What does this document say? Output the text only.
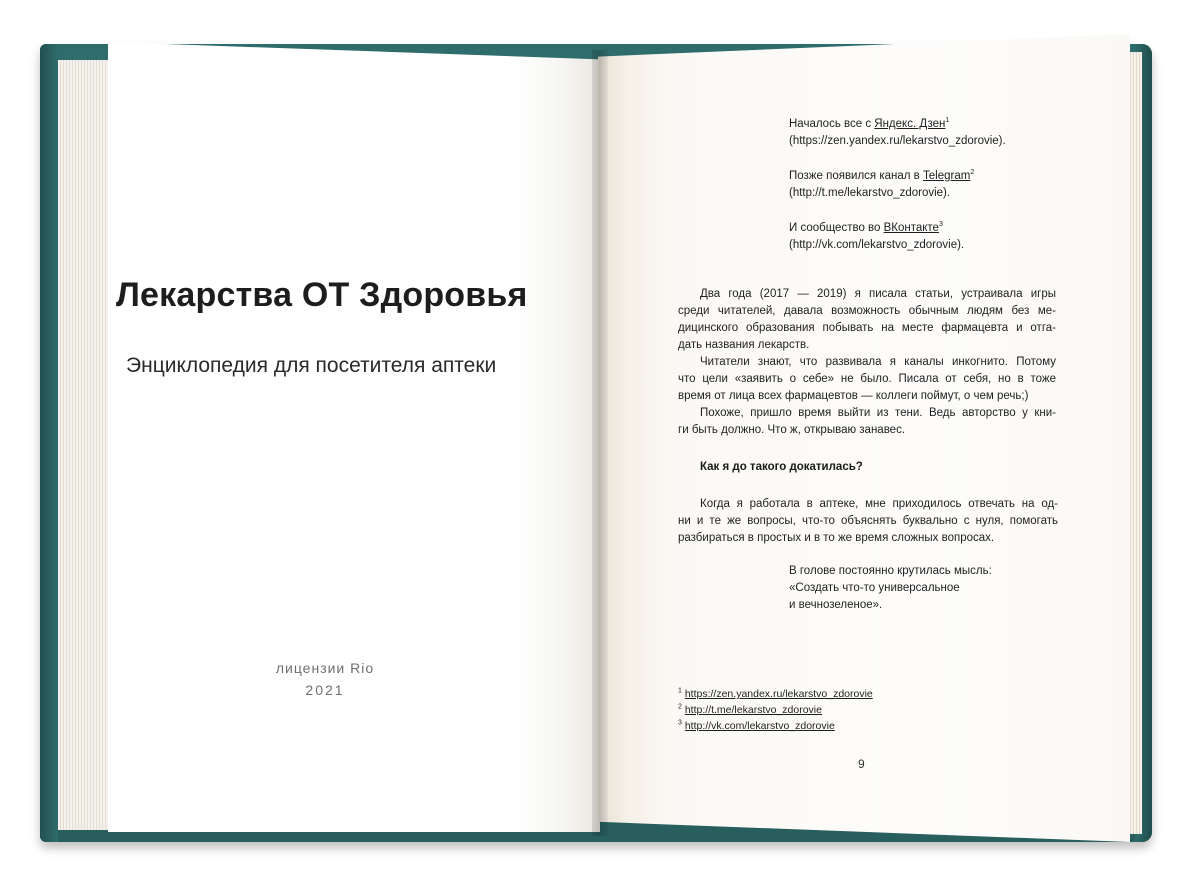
Лекарства ОТ Здоровья
Энциклопедия для посетителя аптеки
лицензии Rio
2021
Началось все с Яндекс. Дзен$^1$
(https://zen.yandex.ru/lekarstvo_zdorovie).
Позже появился канал в Telegram$^2$
(http://t.me/lekarstvo_zdorovie).
И сообщество во ВКонтакте$^3$
(http://vk.com/lekarstvo_zdorovie).
Два года (2017 — 2019) я писала статьи, устраивала игры
среди читателей, давала возможность обычным людям без ме-
дицинского образования побывать на месте фармацевта и отга-
дать названия лекарств.
Читатели знают, что развивала я каналы инкогнито. Потому
что цели «заявить о себе» не было. Писала от себя, но в тоже
время от лица всех фармацевтов — коллеги поймут, о чем речь;)
Похоже, пришло время выйти из тени. Ведь авторство у кни-
ги быть должно. Что ж, открываю занавес.
Как я до такого докатилась?
Когда я работала в аптеке, мне приходилось отвечать на од-
ни и те же вопросы, что-то объяснять буквально с нуля, помогать
разбираться в простых и в то же время сложных вопросах.
В голове постоянно крутилась мысль:
«Создать что-то универсальное
и вечнозеленое».
$^1$ https://zen.yandex.ru/lekarstvo_zdorovie
$^2$ http://t.me/lekarstvo_zdorovie
$^3$ http://vk.com/lekarstvo_zdorovie
9
